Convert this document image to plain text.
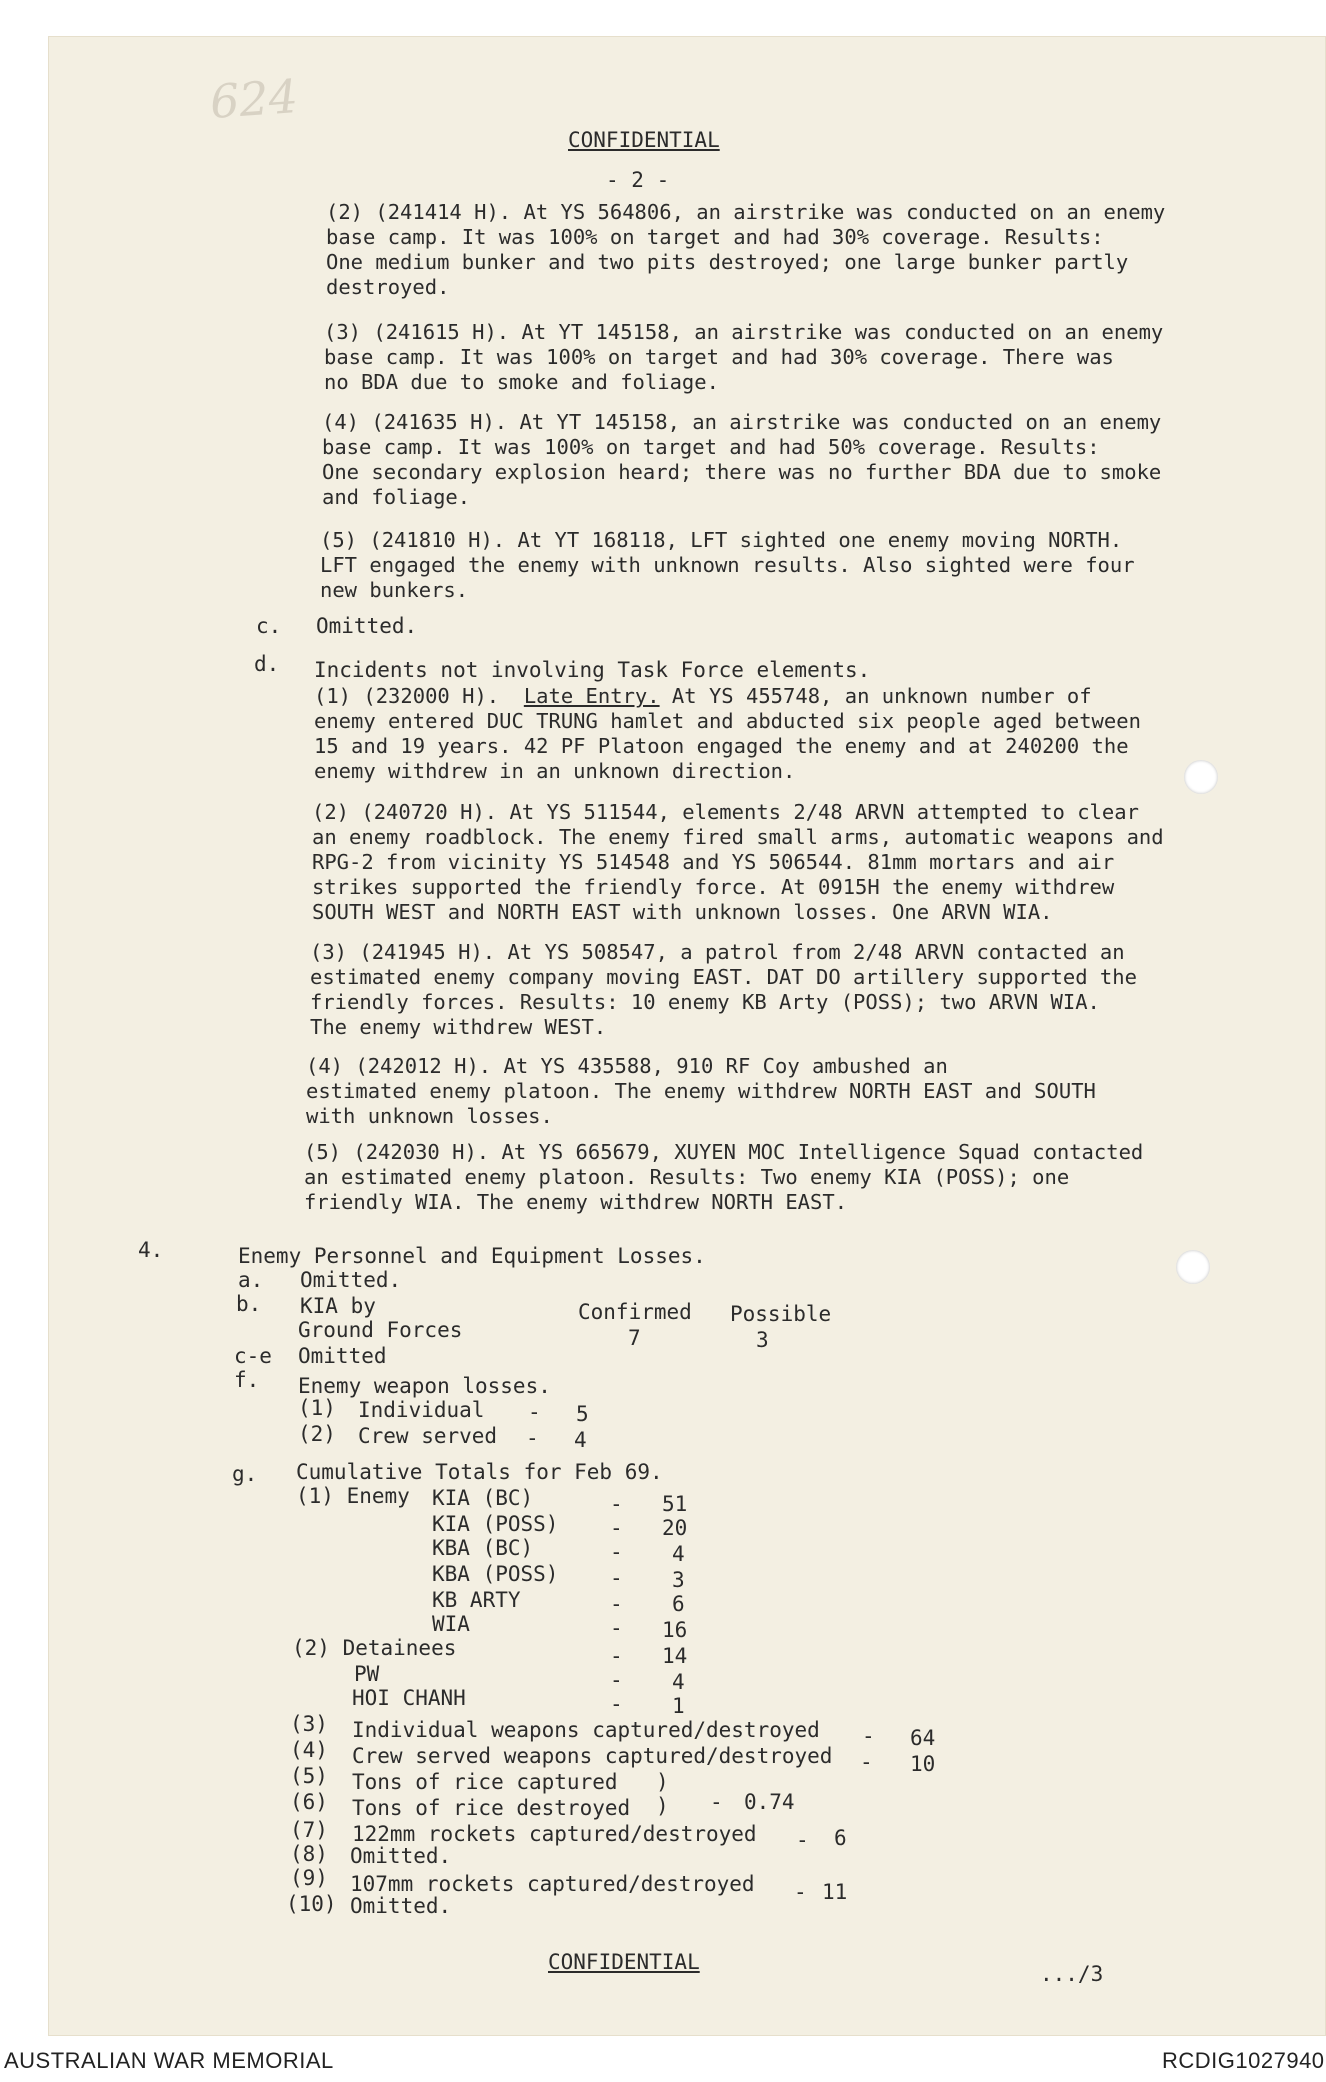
624
CONFIDENTIAL
- 2 -
(2) (241414 H). At YS 564806, an airstrike was conducted on an enemy
base camp. It was 100% on target and had 30% coverage. Results:
One medium bunker and two pits destroyed; one large bunker partly
destroyed.
(3) (241615 H). At YT 145158, an airstrike was conducted on an enemy
base camp. It was 100% on target and had 30% coverage. There was
no BDA due to smoke and foliage.
(4) (241635 H). At YT 145158, an airstrike was conducted on an enemy
base camp. It was 100% on target and had 50% coverage. Results:
One secondary explosion heard; there was no further BDA due to smoke
and foliage.
(5) (241810 H). At YT 168118, LFT sighted one enemy moving NORTH.
LFT engaged the enemy with unknown results. Also sighted were four
new bunkers.
c. Omitted.
d. Incidents not involving Task Force elements.
(1) (232000 H). Late Entry. At YS 455748, an unknown number of
enemy entered DUC TRUNG hamlet and abducted six people aged between
15 and 19 years. 42 PF Platoon engaged the enemy and at 240200 the
enemy withdrew in an unknown direction.
(2) (240720 H). At YS 511544, elements 2/48 ARVN attempted to clear
an enemy roadblock. The enemy fired small arms, automatic weapons and
RPG-2 from vicinity YS 514548 and YS 506544. 81mm mortars and air
strikes supported the friendly force. At 0915H the enemy withdrew
SOUTH WEST and NORTH EAST with unknown losses. One ARVN WIA.
(3) (241945 H). At YS 508547, a patrol from 2/48 ARVN contacted an
estimated enemy company moving EAST. DAT DO artillery supported the
friendly forces. Results: 10 enemy KB Arty (POSS); two ARVN WIA.
The enemy withdrew WEST.
(4) (242012 H). At YS 435588, 910 RF Coy ambushed an
estimated enemy platoon. The enemy withdrew NORTH EAST and SOUTH
with unknown losses.
(5) (242030 H). At YS 665679, XUYEN MOC Intelligence Squad contacted
an estimated enemy platoon. Results: Two enemy KIA (POSS); one
friendly WIA. The enemy withdrew NORTH EAST.
4.	Enemy Personnel and Equipment Losses.
a. Omitted.
b. KIA by	Confirmed Possible
Ground Forces	7	3
c-e Omitted
f. Enemy weapon losses.
(1) Individual - 5
(2) Crew served - 4
g. Cumulative Totals for Feb 69.
(1) Enemy KIA (BC)	- 51
KIA (POSS) - 20
KBA (BC)	- 4
KBA (POSS) - 3
KB ARTY	- 6
WIA	- 16
(2) Detainees	- 14
PW	- 4
HOI CHANH	- 1
(3) Individual weapons captured/destroyed - 64
(4) Crew served weapons captured/destroyed - 10
(5) Tons of rice captured )
(6) Tons of rice destroyed ) - 0.74
(7) 122mm rockets captured/destroyed - 6
(8) Omitted.
(9) 107mm rockets captured/destroyed - 11
(10) Omitted.
CONFIDENTIAL	.../3
AUSTRALIAN WAR MEMORIAL	RCDIG1027940
